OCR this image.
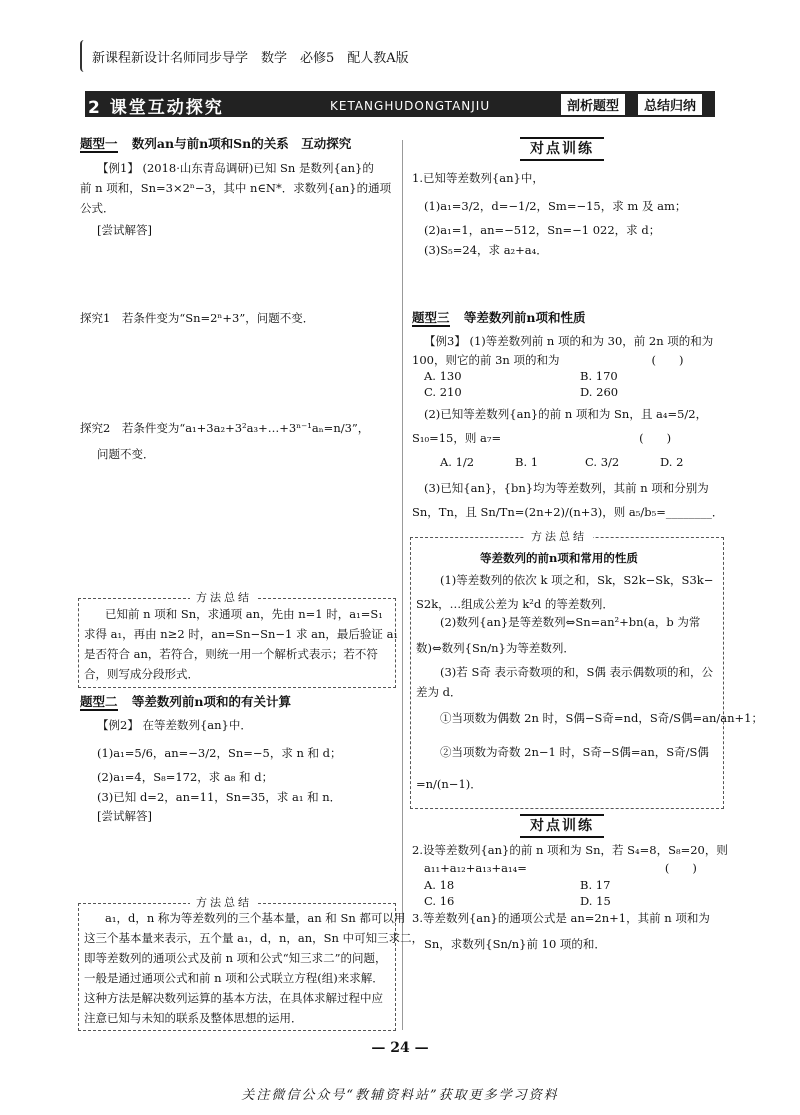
新课程新设计名师同步导学　数学　必修5　配人教A版
2 课堂互动探究	KETANGHUDONGTANJIU	剖析题型	总结归纳
题型一 数列an与前n项和Sn的关系　互动探究
【例1】 (2018·山东青岛调研)已知 Sn 是数列{an}的
前 n 项和，Sn=3×2ⁿ−3，其中 n∈N*．求数列{an}的通项
公式．
[尝试解答]
探究1　若条件变为“Sn=2ⁿ+3”，问题不变．
探究2　若条件变为“a₁+3a₂+3²a₃+…+3ⁿ⁻¹aₙ=n/3”，
问题不变．
方法总结
已知前 n 项和 Sn，求通项 an，先由 n=1 时，a₁=S₁
求得 a₁，再由 n≥2 时，an=Sn−Sn−1 求 an，最后验证 a₁
是否符合 an，若符合，则统一用一个解析式表示；若不符
合，则写成分段形式．
题型二 等差数列前n项和的有关计算
【例2】 在等差数列{an}中．
(1)a₁=5/6，an=−3/2，Sn=−5，求 n 和 d；
(2)a₁=4，S₈=172，求 a₈ 和 d；
(3)已知 d=2，an=11，Sn=35，求 a₁ 和 n．
[尝试解答]
方法总结
a₁，d，n 称为等差数列的三个基本量，an 和 Sn 都可以用
这三个基本量来表示，五个量 a₁，d，n，an，Sn 中可知三求二，
即等差数列的通项公式及前 n 项和公式“知三求二”的问题，
一般是通过通项公式和前 n 项和公式联立方程(组)来求解．
这种方法是解决数列运算的基本方法，在具体求解过程中应
注意已知与未知的联系及整体思想的运用．
对点训练
1.已知等差数列{an}中，
(1)a₁=3/2，d=−1/2，Sm=−15，求 m 及 am；
(2)a₁=1，an=−512，Sn=−1 022，求 d；
(3)S₅=24，求 a₂+a₄．
题型三 等差数列前n项和性质
【例3】 (1)等差数列前 n 项的和为 30，前 2n 项的和为
100，则它的前 3n 项的和为　　　　　　　　(　　)
A. 130	B. 170
C. 210	D. 260
(2)已知等差数列{an}的前 n 项和为 Sn，且 a₄=5/2，
S₁₀=15，则 a₇=　　　　　　　　　　　　(　　)
A. 1/2	B. 1	C. 3/2	D. 2
(3)已知{an}，{bn}均为等差数列，其前 n 项和分别为
Sn，Tn，且 Sn/Tn=(2n+2)/(n+3)，则 a₅/b₅=________．
方法总结
等差数列的前n项和常用的性质
(1)等差数列的依次 k 项之和，Sk，S2k−Sk，S3k−
S2k，…组成公差为 k²d 的等差数列．
(2)数列{an}是等差数列⇔Sn=an²+bn(a，b 为常
数)⇔数列{Sn/n}为等差数列．
(3)若 S奇 表示奇数项的和，S偶 表示偶数项的和，公
差为 d．
①当项数为偶数 2n 时，S偶−S奇=nd，S奇/S偶=an/an+1；
②当项数为奇数 2n−1 时，S奇−S偶=an，S奇/S偶
=n/(n−1)．
对点训练
2.设等差数列{an}的前 n 项和为 Sn，若 S₄=8，S₈=20，则
a₁₁+a₁₂+a₁₃+a₁₄=　　　　　　　　　　　　(　　)
A. 18	B. 17
C. 16	D. 15
3.等差数列{an}的通项公式是 an=2n+1，其前 n 项和为
Sn，求数列{Sn/n}前 10 项的和．
— 24 —
关注微信公众号“教辅资料站”获取更多学习资料
